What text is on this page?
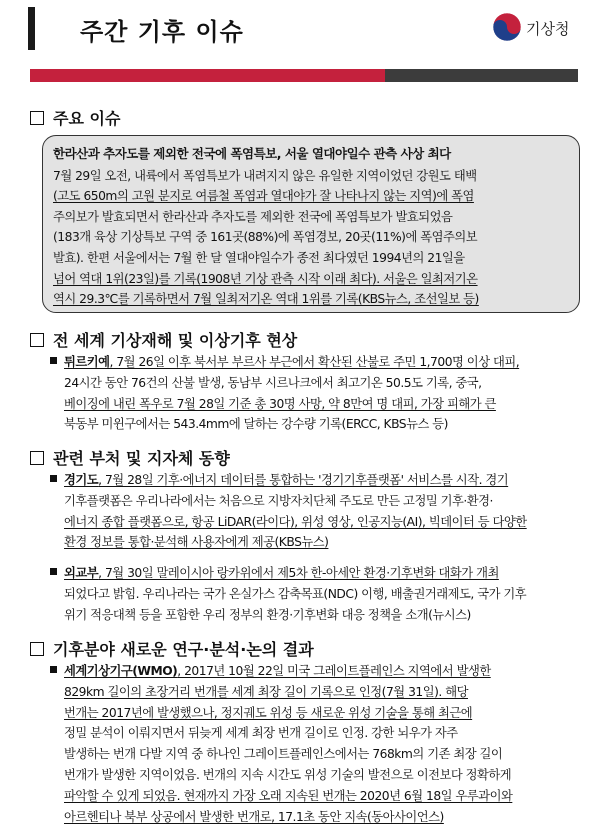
주간 기후 이슈	기상청
주요 이슈
한라산과 추자도를 제외한 전국에 폭염특보, 서울 열대야일수 관측 사상 최다
7월 29일 오전, 내륙에서 폭염특보가 내려지지 않은 유일한 지역이었던 강원도 태백
(고도 650m의 고원 분지로 여름철 폭염과 열대야가 잘 나타나지 않는 지역)에 폭염
주의보가 발효되면서 한라산과 추자도를 제외한 전국에 폭염특보가 발효되었음
(183개 육상 기상특보 구역 중 161곳(88%)에 폭염경보, 20곳(11%)에 폭염주의보
발효). 한편 서울에서는 7월 한 달 열대야일수가 종전 최다였던 1994년의 21일을
넘어 역대 1위(23일)를 기록(1908년 기상 관측 시작 이래 최다). 서울은 일최저기온
역시 29.3℃를 기록하면서 7월 일최저기온 역대 1위를 기록(KBS뉴스, 조선일보 등)
전 세계 기상재해 및 이상기후 현상
튀르키예, 7월 26일 이후 북서부 부르사 부근에서 확산된 산불로 주민 1,700명 이상 대피,
24시간 동안 76건의 산불 발생, 동남부 시르나크에서 최고기온 50.5도 기록, 중국,
베이징에 내린 폭우로 7월 28일 기준 총 30명 사망, 약 8만여 명 대피, 가장 피해가 큰
북동부 미윈구에서는 543.4mm에 달하는 강수량 기록(ERCC, KBS뉴스 등)
관련 부처 및 지자체 동향
경기도, 7월 28일 기후·에너지 데이터를 통합하는 '경기기후플랫폼' 서비스를 시작. 경기
기후플랫폼은 우리나라에서는 처음으로 지방자치단체 주도로 만든 고정밀 기후·환경·
에너지 종합 플랫폼으로, 항공 LiDAR(라이다), 위성 영상, 인공지능(AI), 빅데이터 등 다양한
환경 정보를 통합·분석해 사용자에게 제공(KBS뉴스)
외교부, 7월 30일 말레이시아 랑카위에서 제5차 한-아세안 환경·기후변화 대화가 개최
되었다고 밝힘. 우리나라는 국가 온실가스 감축목표(NDC) 이행, 배출권거래제도, 국가 기후
위기 적응대책 등을 포함한 우리 정부의 환경·기후변화 대응 정책을 소개(뉴시스)
기후분야 새로운 연구·분석·논의 결과
세계기상기구(WMO), 2017년 10월 22일 미국 그레이트플레인스 지역에서 발생한
829km 길이의 초장거리 번개를 세계 최장 길이 기록으로 인정(7월 31일). 해당
번개는 2017년에 발생했으나, 정지궤도 위성 등 새로운 위성 기술을 통해 최근에
정밀 분석이 이뤄지면서 뒤늦게 세계 최장 번개 길이로 인정. 강한 뇌우가 자주
발생하는 번개 다발 지역 중 하나인 그레이트플레인스에서는 768km의 기존 최장 길이
번개가 발생한 지역이었음. 번개의 지속 시간도 위성 기술의 발전으로 이전보다 정확하게
파악할 수 있게 되었음. 현재까지 가장 오래 지속된 번개는 2020년 6월 18일 우루과이와
아르헨티나 북부 상공에서 발생한 번개로, 17.1초 동안 지속(동아사이언스)
